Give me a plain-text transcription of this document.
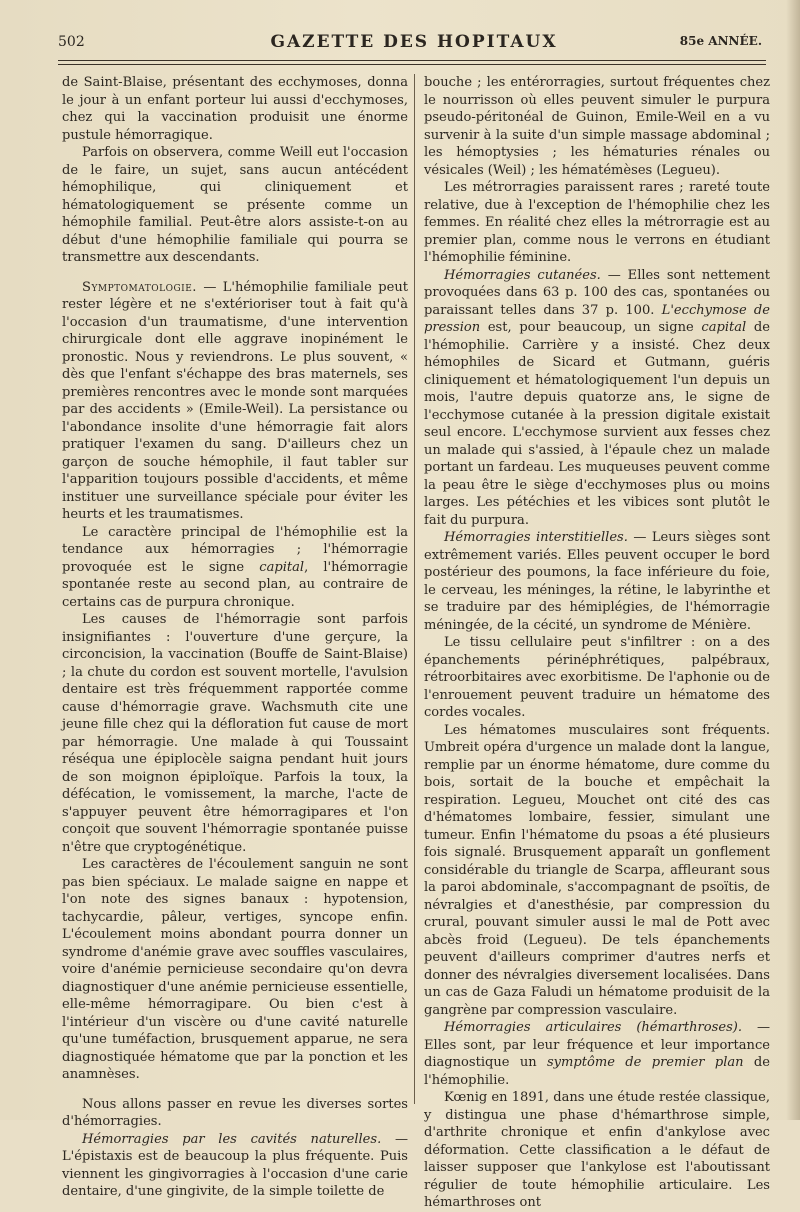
502	GAZETTE DES HOPITAUX	85e ANNÉE.

de Saint-Blaise, présentant des ecchymoses, donna le jour à un enfant porteur lui aussi d'ecchymoses, chez qui la vaccination produisit une énorme pustule hémorragique.

Parfois on observera, comme Weill eut l'occasion de le faire, un sujet, sans aucun antécédent hémophilique, qui cliniquement et hématologiquement se présente comme un hémophile familial. Peut-être alors assiste-t-on au début d'une hémophilie familiale qui pourra se transmettre aux descendants.

Symptomatologie. — L'hémophilie familiale peut rester légère et ne s'extérioriser tout à fait qu'à l'occasion d'un traumatisme, d'une intervention chirurgicale dont elle aggrave inopinément le pronostic. Nous y reviendrons. Le plus souvent, « dès que l'enfant s'échappe des bras maternels, ses premières rencontres avec le monde sont marquées par des accidents » (Emile-Weil). La persistance ou l'abondance insolite d'une hémorragie fait alors pratiquer l'examen du sang. D'ailleurs chez un garçon de souche hémophile, il faut tabler sur l'apparition toujours possible d'accidents, et même instituer une surveillance spéciale pour éviter les heurts et les traumatismes.

Le caractère principal de l'hémophilie est la tendance aux hémorragies ; l'hémorragie provoquée est le signe capital, l'hémorragie spontanée reste au second plan, au contraire de certains cas de purpura chronique.

Les causes de l'hémorragie sont parfois insignifiantes : l'ouverture d'une gerçure, la circoncision, la vaccination (Bouffe de Saint-Blaise) ; la chute du cordon est souvent mortelle, l'avulsion dentaire est très fréquemment rapportée comme cause d'hémorragie grave. Wachsmuth cite une jeune fille chez qui la défloration fut cause de mort par hémorragie. Une malade à qui Toussaint réséqua une épiplocèle saigna pendant huit jours de son moignon épiploïque. Parfois la toux, la défécation, le vomissement, la marche, l'acte de s'appuyer peuvent être hémorragipares et l'on conçoit que souvent l'hémorragie spontanée puisse n'être que cryptogénétique.

Les caractères de l'écoulement sanguin ne sont pas bien spéciaux. Le malade saigne en nappe et l'on note des signes banaux : hypotension, tachycardie, pâleur, vertiges, syncope enfin. L'écoulement moins abondant pourra donner un syndrome d'anémie grave avec souffles vasculaires, voire d'anémie pernicieuse secondaire qu'on devra diagnostiquer d'une anémie pernicieuse essentielle, elle-même hémorragipare. Ou bien c'est à l'intérieur d'un viscère ou d'une cavité naturelle qu'une tuméfaction, brusquement apparue, ne sera diagnostiquée hématome que par la ponction et les anamnèses.

Nous allons passer en revue les diverses sortes d'hémorragies.

Hémorragies par les cavités naturelles. — L'épistaxis est de beaucoup la plus fréquente. Puis viennent les gingivorragies à l'occasion d'une carie dentaire, d'une gingivite, de la simple toilette de

bouche ; les entérorragies, surtout fréquentes chez le nourrisson où elles peuvent simuler le purpura pseudo-péritonéal de Guinon, Emile-Weil en a vu survenir à la suite d'un simple massage abdominal ; les hémoptysies ; les hématuries rénales ou vésicales (Weil) ; les hématémèses (Legueu).

Les métrorragies paraissent rares ; rareté toute relative, due à l'exception de l'hémophilie chez les femmes. En réalité chez elles la métrorragie est au premier plan, comme nous le verrons en étudiant l'hémophilie féminine.

Hémorragies cutanées. — Elles sont nettement provoquées dans 63 p. 100 des cas, spontanées ou paraissant telles dans 37 p. 100. L'ecchymose de pression est, pour beaucoup, un signe capital de l'hémophilie. Carrière y a insisté. Chez deux hémophiles de Sicard et Gutmann, guéris cliniquement et hématologiquement l'un depuis un mois, l'autre depuis quatorze ans, le signe de l'ecchymose cutanée à la pression digitale existait seul encore. L'ecchymose survient aux fesses chez un malade qui s'assied, à l'épaule chez un malade portant un fardeau. Les muqueuses peuvent comme la peau être le siège d'ecchymoses plus ou moins larges. Les pétéchies et les vibices sont plutôt le fait du purpura.

Hémorragies interstitielles. — Leurs sièges sont extrêmement variés. Elles peuvent occuper le bord postérieur des poumons, la face inférieure du foie, le cerveau, les méninges, la rétine, le labyrinthe et se traduire par des hémiplégies, de l'hémorragie méningée, de la cécité, un syndrome de Ménière.

Le tissu cellulaire peut s'infiltrer : on a des épanchements périnéphrétiques, palpébraux, rétroorbitaires avec exorbitisme. De l'aphonie ou de l'enrouement peuvent traduire un hématome des cordes vocales.

Les hématomes musculaires sont fréquents. Umbreit opéra d'urgence un malade dont la langue, remplie par un énorme hématome, dure comme du bois, sortait de la bouche et empêchait la respiration. Legueu, Mouchet ont cité des cas d'hématomes lombaire, fessier, simulant une tumeur. Enfin l'hématome du psoas a été plusieurs fois signalé. Brusquement apparaît un gonflement considérable du triangle de Scarpa, affleurant sous la paroi abdominale, s'accompagnant de psoïtis, de névralgies et d'anesthésie, par compression du crural, pouvant simuler aussi le mal de Pott avec abcès froid (Legueu). De tels épanchements peuvent d'ailleurs comprimer d'autres nerfs et donner des névralgies diversement localisées. Dans un cas de Gaza Faludi un hématome produisit de la gangrène par compression vasculaire.

Hémorragies articulaires (hémarthroses). — Elles sont, par leur fréquence et leur importance diagnostique un symptôme de premier plan de l'hémophilie.

Kœnig en 1891, dans une étude restée classique, y distingua une phase d'hémarthrose simple, d'arthrite chronique et enfin d'ankylose avec déformation. Cette classification a le défaut de laisser supposer que l'ankylose est l'aboutissant régulier de toute hémophilie articulaire. Les hémarthroses ont
